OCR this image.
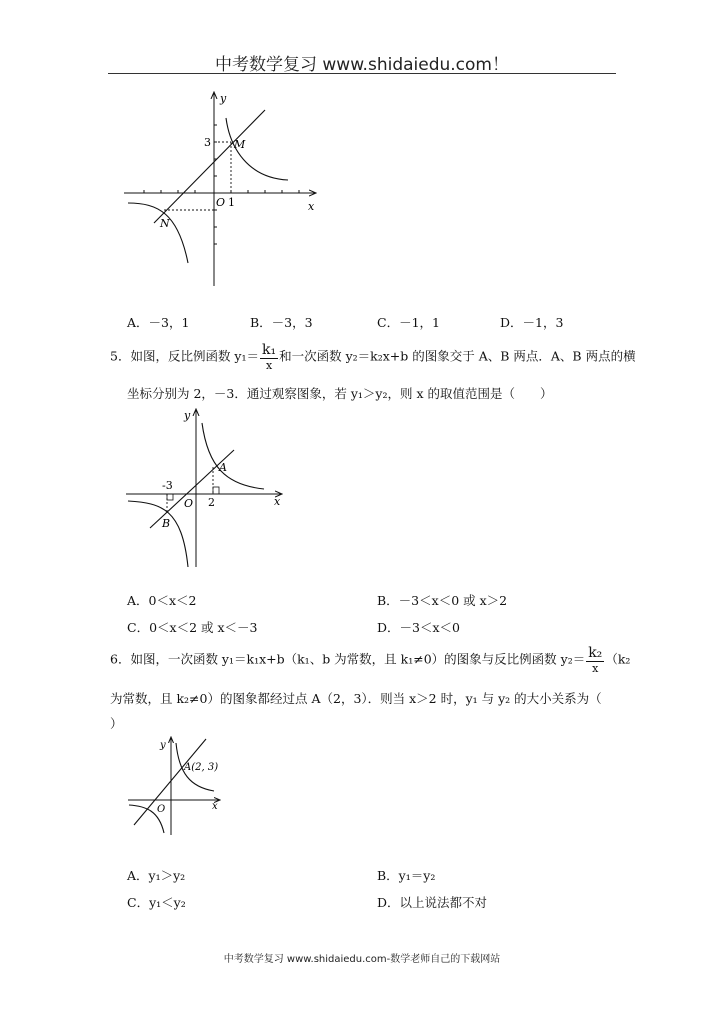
中考数学复习 www.shidaiedu.com！
y
x
O
3
1
M
N
A．－3，1	B．－3，3	C．－1，1	D．－1，3
5．如图，反比例函数 $y_1= \frac{\text{k₁}}{x}$ 和一次函数 y₂＝k₂x+b 的图象交于 A、B 两点．A、B 两点的横
坐标分别为 2，－3．通过观察图象，若 y₁＞y₂，则 x 的取值范围是（　　）
y
x
O
-3
2
A
B
A．0＜x＜2	B．－3＜x＜0 或 x＞2
C．0＜x＜2 或 x＜－3	D．－3＜x＜0
6．如图，一次函数 y₁＝k₁x+b（k₁、b 为常数，且 k₁≠0）的图象与反比例函数 $y_2= \frac{\text{k₂}}{x} (k_2$
为常数，且 k₂≠0）的图象都经过点 A（2，3）．则当 x＞2 时，y₁ 与 y₂ 的大小关系为（
）
y
x
O
A(2, 3)
A．y₁＞y₂	B．y₁＝y₂
C．y₁＜y₂	D．以上说法都不对
中考数学复习 www.shidaiedu.com-数学老师自己的下载网站
